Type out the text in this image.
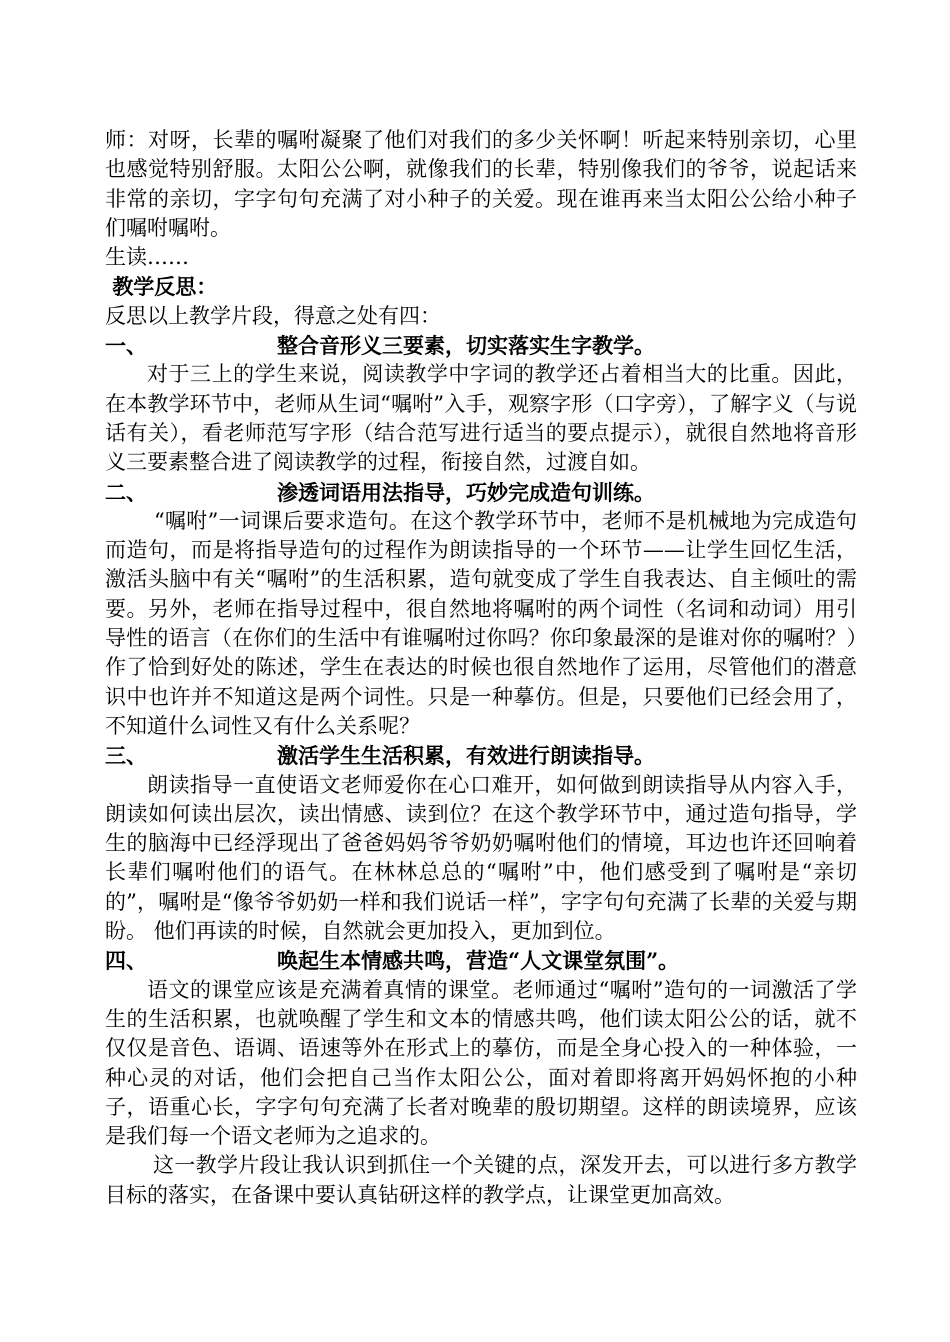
师：对呀，长辈的嘱咐凝聚了他们对我们的多少关怀啊！听起来特别亲切，心里也感觉特别舒服。太阳公公啊，就像我们的长辈，特别像我们的爷爷，说起话来非常的亲切，字字句句充满了对小种子的关爱。现在谁再来当太阳公公给小种子们嘱咐嘱咐。

生读……

教学反思：

反思以上教学片段，得意之处有四：

一、	整合音形义三要素，切实落实生字教学。

对于三上的学生来说，阅读教学中字词的教学还占着相当大的比重。因此，在本教学环节中，老师从生词“嘱咐”入手，观察字形（口字旁），了解字义（与说话有关），看老师范写字形（结合范写进行适当的要点提示），就很自然地将音形义三要素整合进了阅读教学的过程，衔接自然，过渡自如。

二、	渗透词语用法指导，巧妙完成造句训练。

“嘱咐”一词课后要求造句。在这个教学环节中，老师不是机械地为完成造句而造句，而是将指导造句的过程作为朗读指导的一个环节——让学生回忆生活，激活头脑中有关“嘱咐”的生活积累，造句就变成了学生自我表达、自主倾吐的需要。另外，老师在指导过程中，很自然地将嘱咐的两个词性（名词和动词）用引导性的语言（在你们的生活中有谁嘱咐过你吗？你印象最深的是谁对你的嘱咐？）作了恰到好处的陈述，学生在表达的时候也很自然地作了运用，尽管他们的潜意识中也许并不知道这是两个词性。只是一种摹仿。但是，只要他们已经会用了，不知道什么词性又有什么关系呢？

三、	激活学生生活积累，有效进行朗读指导。

朗读指导一直使语文老师爱你在心口难开，如何做到朗读指导从内容入手，朗读如何读出层次，读出情感、读到位？在这个教学环节中，通过造句指导，学生的脑海中已经浮现出了爸爸妈妈爷爷奶奶嘱咐他们的情境，耳边也许还回响着长辈们嘱咐他们的语气。在林林总总的“嘱咐”中，他们感受到了嘱咐是“亲切的”，嘱咐是“像爷爷奶奶一样和我们说话一样”，字字句句充满了长辈的关爱与期盼。 他们再读的时候，自然就会更加投入，更加到位。

四、	唤起生本情感共鸣，营造“人文课堂氛围”。

语文的课堂应该是充满着真情的课堂。老师通过“嘱咐”造句的一词激活了学生的生活积累，也就唤醒了学生和文本的情感共鸣，他们读太阳公公的话，就不仅仅是音色、语调、语速等外在形式上的摹仿，而是全身心投入的一种体验，一种心灵的对话，他们会把自己当作太阳公公，面对着即将离开妈妈怀抱的小种子，语重心长，字字句句充满了长者对晚辈的殷切期望。这样的朗读境界，应该是我们每一个语文老师为之追求的。

这一教学片段让我认识到抓住一个关键的点，深发开去，可以进行多方教学目标的落实，在备课中要认真钻研这样的教学点，让课堂更加高效。
